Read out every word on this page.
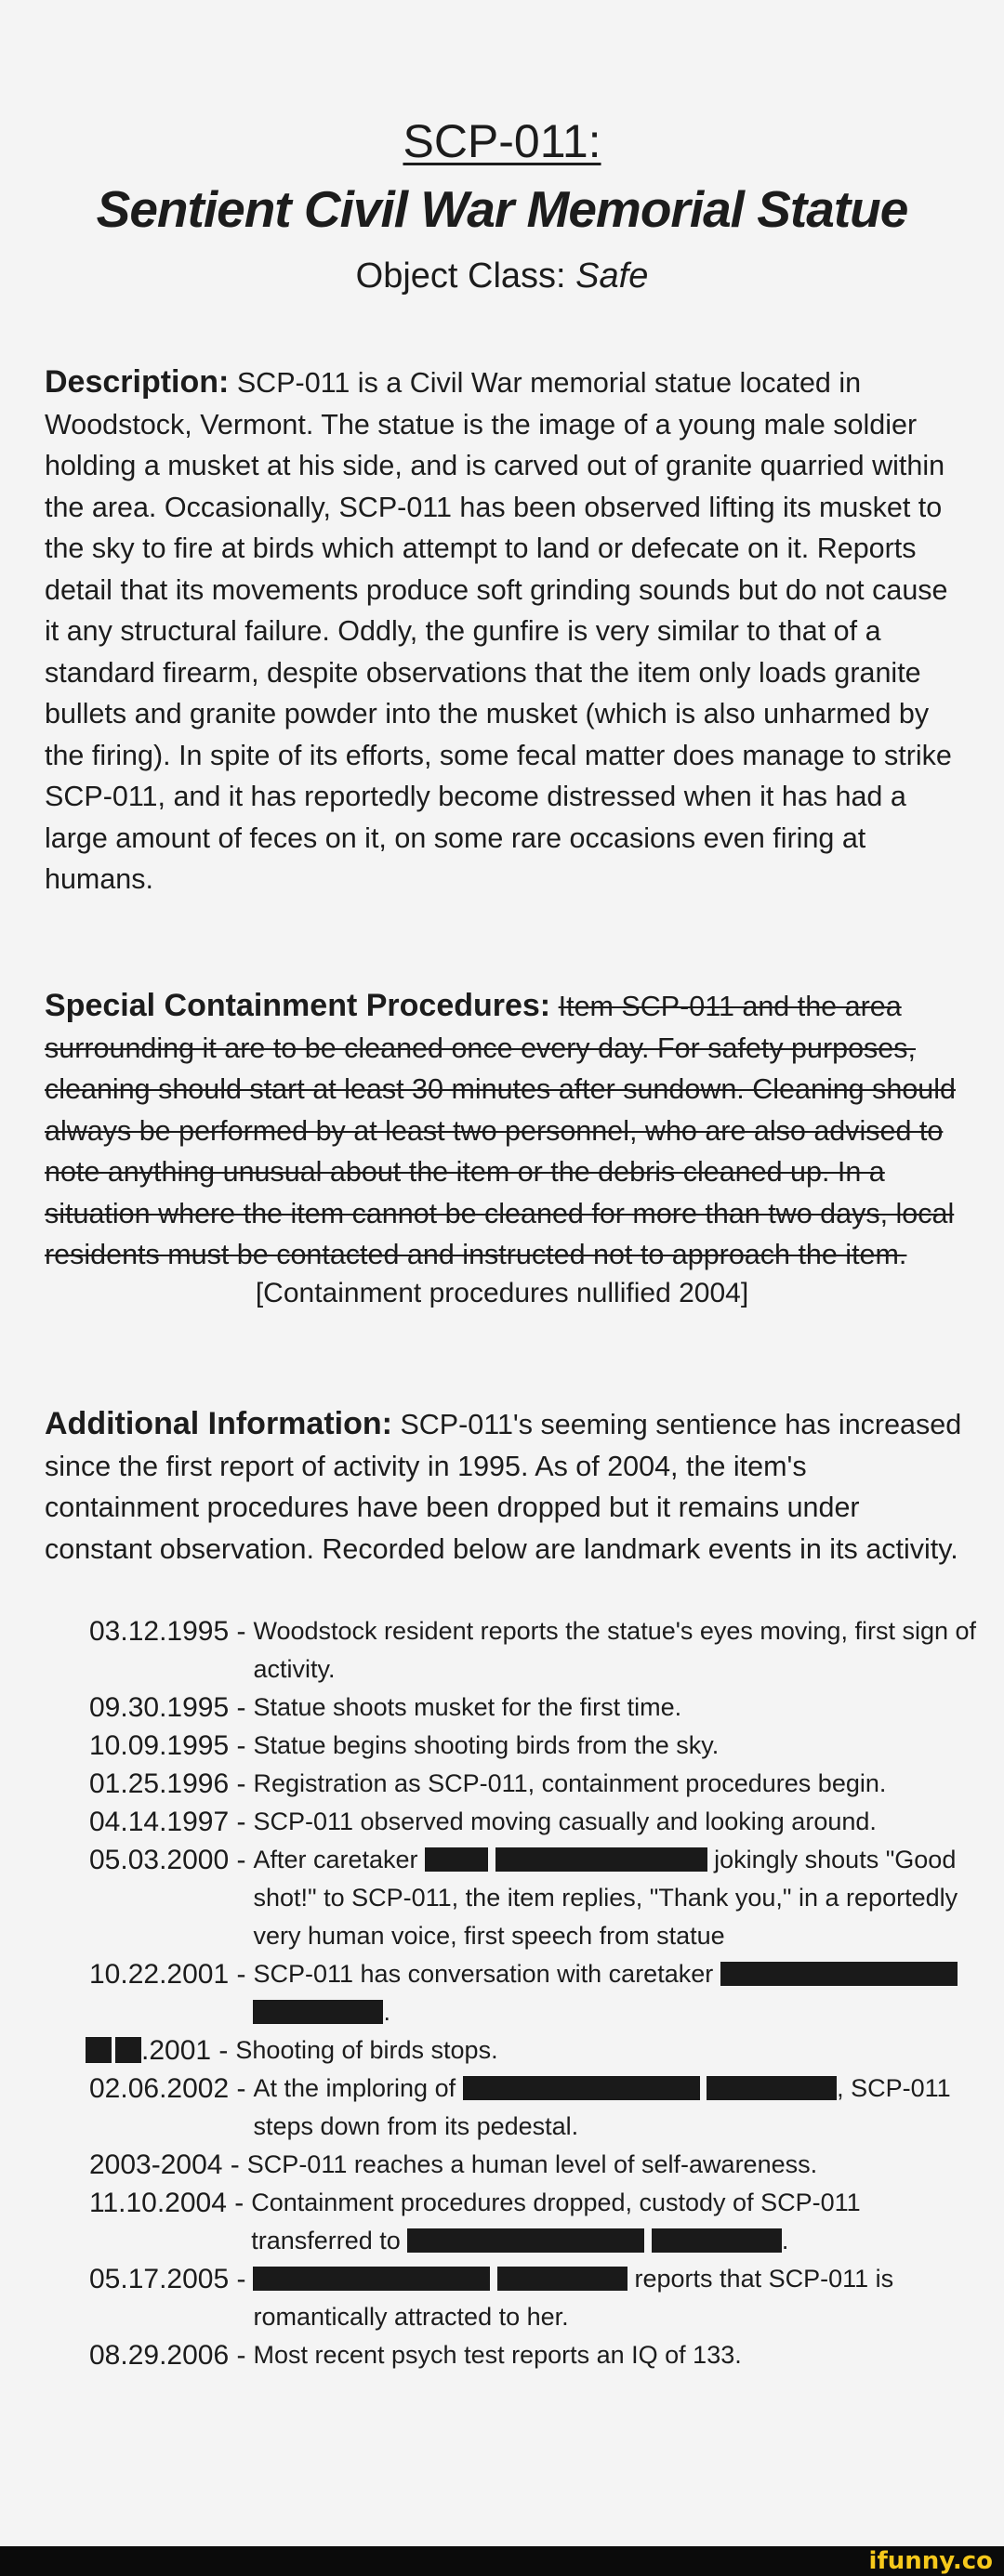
SCP-011:
Sentient Civil War Memorial Statue
Object Class: Safe
Description: SCP-011 is a Civil War memorial statue located in Woodstock, Vermont. The statue is the image of a young male soldier holding a musket at his side, and is carved out of granite quarried within the area. Occasionally, SCP-011 has been observed lifting its musket to the sky to fire at birds which attempt to land or defecate on it. Reports detail that its movements produce soft grinding sounds but do not cause it any structural failure. Oddly, the gunfire is very similar to that of a standard firearm, despite observations that the item only loads granite bullets and granite powder into the musket (which is also unharmed by the firing). In spite of its efforts, some fecal matter does manage to strike SCP-011, and it has reportedly become distressed when it has had a large amount of feces on it, on some rare occasions even firing at humans.
Special Containment Procedures: Item SCP-011 and the area surrounding it are to be cleaned once every day. For safety purposes, cleaning should start at least 30 minutes after sundown. Cleaning should always be performed by at least two personnel, who are also advised to note anything unusual about the item or the debris cleaned up. In a situation where the item cannot be cleaned for more than two days, local residents must be contacted and instructed not to approach the item.
[Containment procedures nullified 2004]
Additional Information: SCP-011's seeming sentience has increased since the first report of activity in 1995. As of 2004, the item's containment procedures have been dropped but it remains under constant observation. Recorded below are landmark events in its activity.
03.12.1995 - Woodstock resident reports the statue's eyes moving, first sign of activity.
09.30.1995 - Statue shoots musket for the first time.
10.09.1995 - Statue begins shooting birds from the sky.
01.25.1996 - Registration as SCP-011, containment procedures begin.
04.14.1997 - SCP-011 observed moving casually and looking around.
05.03.2000 - After caretaker	jokingly shouts "Good shot!" to SCP-011, the item replies, "Thank you," in a reportedly very human voice, first speech from statue
10.22.2001 - SCP-011 has conversation with caretaker  .
.2001 - Shooting of birds stops.
02.06.2002 - At the imploring of	, SCP-011 steps down from its pedestal.
2003-2004 - SCP-011 reaches a human level of self-awareness.
11.10.2004 - Containment procedures dropped, custody of SCP-011 transferred to	.
05.17.2005 -	reports that SCP-011 is romantically attracted to her.
08.29.2006 - Most recent psych test reports an IQ of 133.
ifunny.co
